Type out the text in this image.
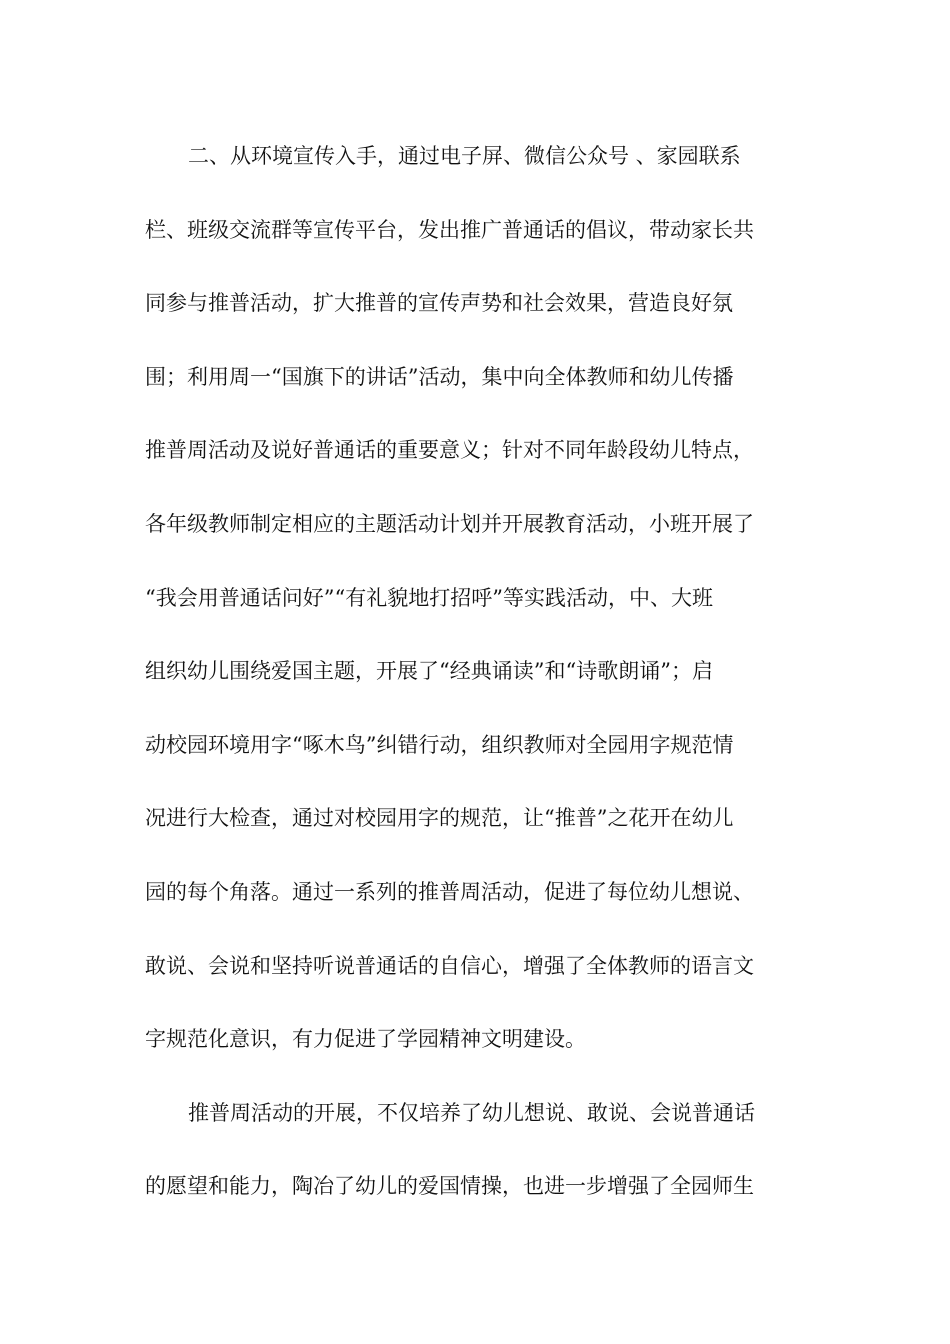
二、从环境宣传入手，通过电子屏、微信公众号 、家园联系
栏、班级交流群等宣传平台，发出推广普通话的倡议，带动家长共
同参与推普活动，扩大推普的宣传声势和社会效果，营造良好氛
围；利用周一“国旗下的讲话”活动，集中向全体教师和幼儿传播
推普周活动及说好普通话的重要意义；针对不同年龄段幼儿特点，
各年级教师制定相应的主题活动计划并开展教育活动，小班开展了
“我会用普通话问好”“有礼貌地打招呼”等实践活动，中、大班
组织幼儿围绕爱国主题，开展了“经典诵读”和“诗歌朗诵”；启
动校园环境用字“啄木鸟”纠错行动，组织教师对全园用字规范情
况进行大检查，通过对校园用字的规范，让“推普”之花开在幼儿
园的每个角落。通过一系列的推普周活动，促进了每位幼儿想说、
敢说、会说和坚持听说普通话的自信心，增强了全体教师的语言文
字规范化意识，有力促进了学园精神文明建设。
推普周活动的开展，不仅培养了幼儿想说、敢说、会说普通话
的愿望和能力，陶冶了幼儿的爱国情操，也进一步增强了全园师生
